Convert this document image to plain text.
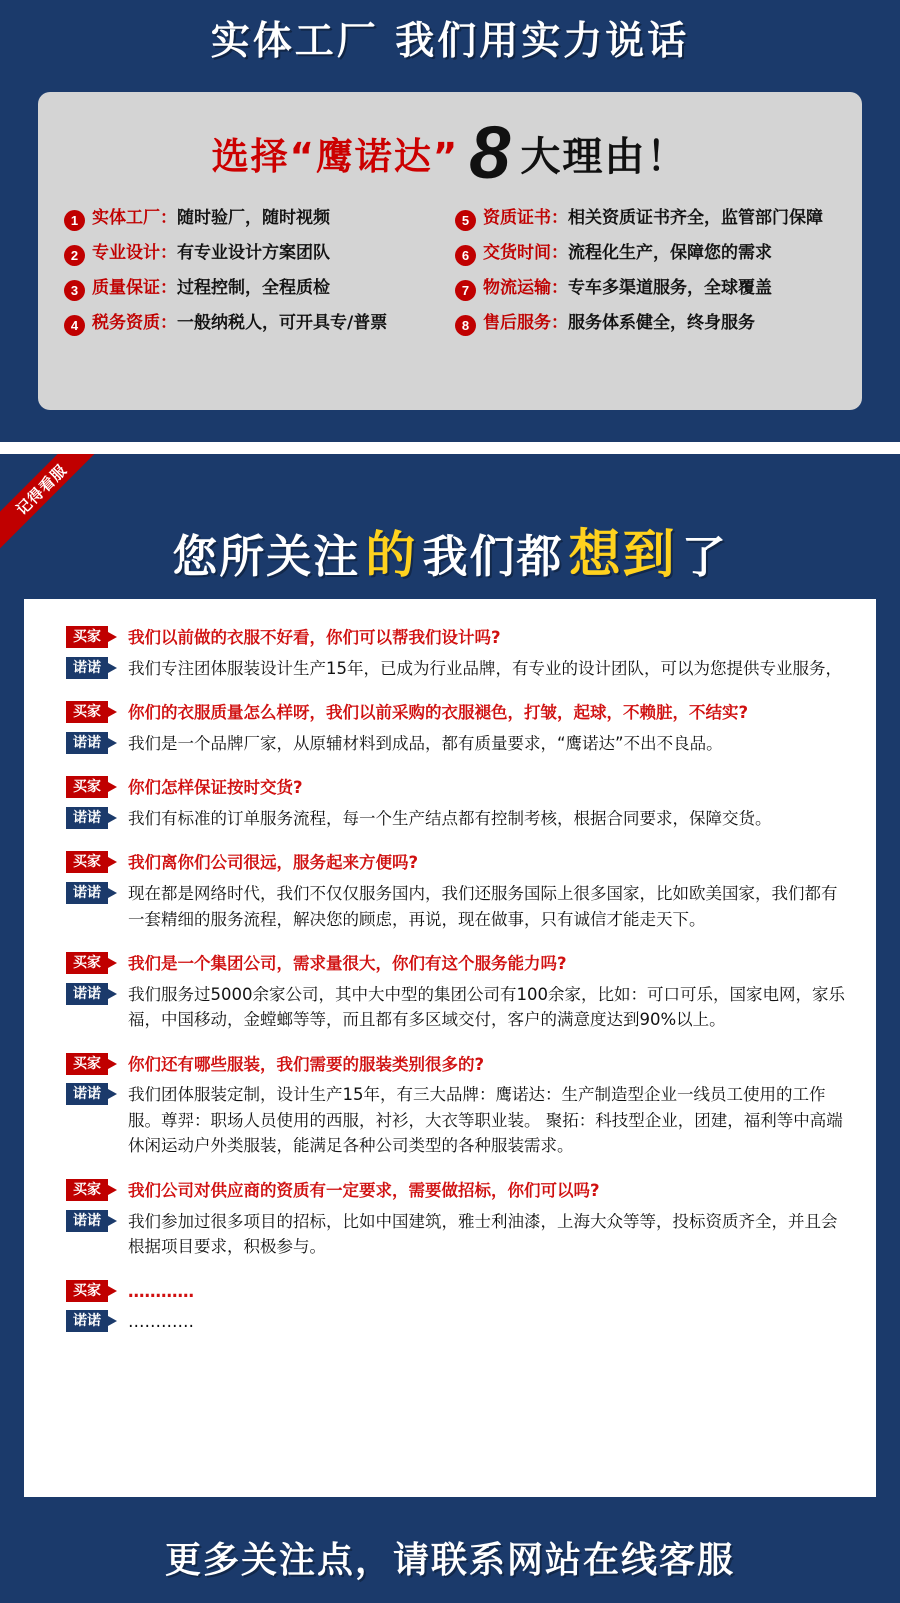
实体工厂 我们用实力说话
选择“鹰诺达” 8 大理由！
1 实体工厂：随时验厂，随时视频	5 资质证书：相关资质证书齐全，监管部门保障
2 专业设计：有专业设计方案团队	6 交货时间：流程化生产，保障您的需求
3 质量保证：过程控制，全程质检	7 物流运输：专车多渠道服务，全球覆盖
4 税务资质：一般纳税人，可开具专/普票	8 售后服务：服务体系健全，终身服务
记得看服
您所关注 的 我们都 想到 了
买家	我们以前做的衣服不好看，你们可以帮我们设计吗?
诺诺	我们专注团体服装设计生产15年，已成为行业品牌，有专业的设计团队，可以为您提供专业服务，
买家	你们的衣服质量怎么样呀，我们以前采购的衣服褪色，打皱，起球，不赖脏，不结实?
诺诺	我们是一个品牌厂家，从原辅材料到成品，都有质量要求，“鹰诺达”不出不良品。
买家	你们怎样保证按时交货?
诺诺	我们有标准的订单服务流程，每一个生产结点都有控制考核，根据合同要求，保障交货。
买家	我们离你们公司很远，服务起来方便吗?
诺诺	现在都是网络时代，我们不仅仅服务国内，我们还服务国际上很多国家，比如欧美国家，我们都有一套精细的服务流程，解决您的顾虑，再说，现在做事，只有诚信才能走天下。
买家	我们是一个集团公司，需求量很大，你们有这个服务能力吗?
诺诺	我们服务过5000余家公司，其中大中型的集团公司有100余家，比如：可口可乐，国家电网，家乐福，中国移动，金螳螂等等，而且都有多区域交付，客户的满意度达到90%以上。
买家	你们还有哪些服装，我们需要的服装类别很多的?
诺诺	我们团体服装定制，设计生产15年，有三大品牌：鹰诺达：生产制造型企业一线员工使用的工作服。尊羿：职场人员使用的西服，衬衫，大衣等职业装。 聚拓：科技型企业，团建，福利等中高端休闲运动户外类服装，能满足各种公司类型的各种服装需求。
买家	我们公司对供应商的资质有一定要求，需要做招标，你们可以吗?
诺诺	我们参加过很多项目的招标，比如中国建筑，雅士利油漆，上海大众等等，投标资质齐全，并且会根据项目要求，积极参与。
买家	…………
诺诺	…………
更多关注点，请联系网站在线客服
